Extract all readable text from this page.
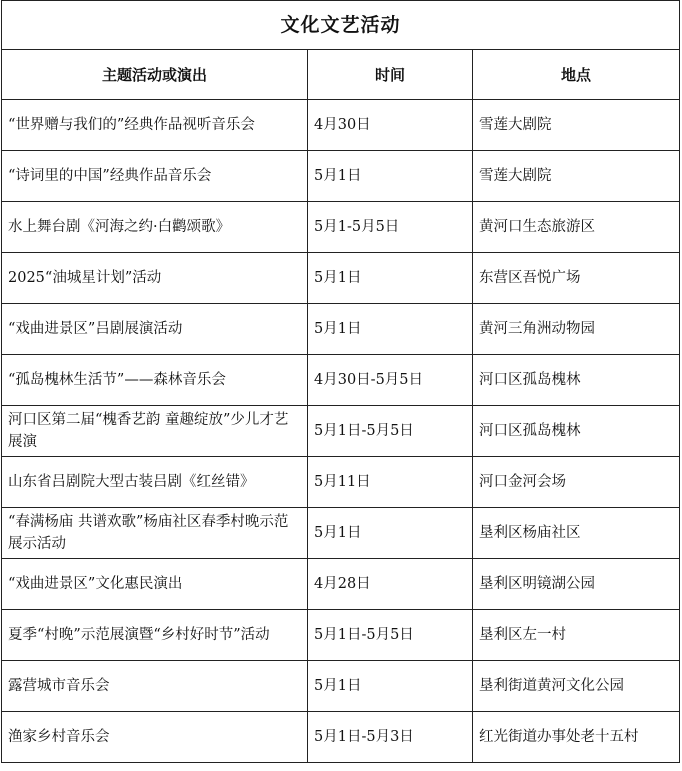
文化文艺活动		
主题活动或演出	时间	地点
“世界赠与我们的”经典作品视听音乐会	4月30日	雪莲大剧院
“诗词里的中国”经典作品音乐会	5月1日	雪莲大剧院
水上舞台剧《河海之约·白鹳颂歌》	5月1-5月5日	黄河口生态旅游区
2025“油城星计划”活动	5月1日	东营区吾悦广场
“戏曲进景区”吕剧展演活动	5月1日	黄河三角洲动物园
“孤岛槐林生活节”——森林音乐会	4月30日-5月5日	河口区孤岛槐林
河口区第二届“槐香艺韵 童趣绽放”少儿才艺展演	5月1日-5月5日	河口区孤岛槐林
山东省吕剧院大型古装吕剧《红丝错》	5月11日	河口金河会场
“春满杨庙 共谱欢歌”杨庙社区春季村晚示范展示活动	5月1日	垦利区杨庙社区
“戏曲进景区”文化惠民演出	4月28日	垦利区明镜湖公园
夏季“村晚”示范展演暨“乡村好时节”活动	5月1日-5月5日	垦利区左一村
露营城市音乐会	5月1日	垦利街道黄河文化公园
渔家乡村音乐会	5月1日-5月3日	红光街道办事处老十五村
